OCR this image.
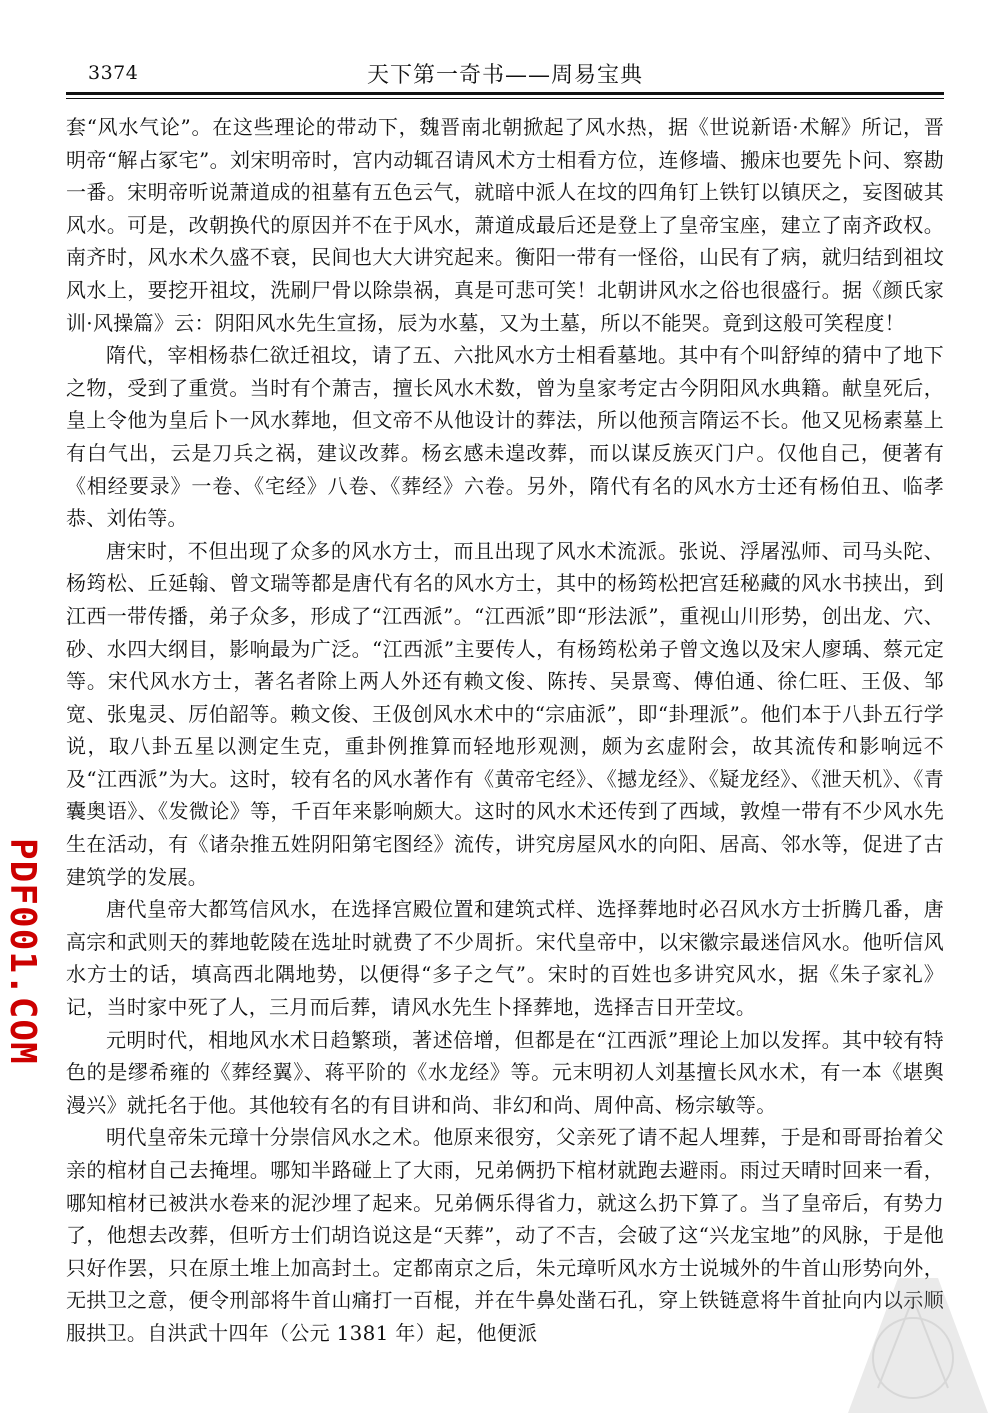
3374	天下第一奇书——周易宝典

套“风水气论”。在这些理论的带动下，魏晋南北朝掀起了风水热，据《世说新语·术解》所记，晋明帝“解占冢宅”。刘宋明帝时，宫内动辄召请风术方士相看方位，连修墙、搬床也要先卜问、察勘一番。宋明帝听说萧道成的祖墓有五色云气，就暗中派人在坟的四角钉上铁钉以镇厌之，妄图破其风水。可是，改朝换代的原因并不在于风水，萧道成最后还是登上了皇帝宝座，建立了南齐政权。南齐时，风水术久盛不衰，民间也大大讲究起来。衡阳一带有一怪俗，山民有了病，就归结到祖坟风水上，要挖开祖坟，洗刷尸骨以除祟祸，真是可悲可笑！北朝讲风水之俗也很盛行。据《颜氏家训·风操篇》云：阴阳风水先生宣扬，辰为水墓，又为土墓，所以不能哭。竟到这般可笑程度！

隋代，宰相杨恭仁欲迁祖坟，请了五、六批风水方士相看墓地。其中有个叫舒绰的猜中了地下之物，受到了重赏。当时有个萧吉，擅长风水术数，曾为皇家考定古今阴阳风水典籍。献皇死后，皇上令他为皇后卜一风水葬地，但文帝不从他设计的葬法，所以他预言隋运不长。他又见杨素墓上有白气出，云是刀兵之祸，建议改葬。杨玄感未遑改葬，而以谋反族灭门户。仅他自己，便著有《相经要录》一卷、《宅经》八卷、《葬经》六卷。另外，隋代有名的风水方士还有杨伯丑、临孝恭、刘佑等。

唐宋时，不但出现了众多的风水方士，而且出现了风水术流派。张说、浮屠泓师、司马头陀、杨筠松、丘延翰、曾文瑞等都是唐代有名的风水方士，其中的杨筠松把宫廷秘藏的风水书挟出，到江西一带传播，弟子众多，形成了“江西派”。“江西派”即“形法派”，重视山川形势，创出龙、穴、砂、水四大纲目，影响最为广泛。“江西派”主要传人，有杨筠松弟子曾文逸以及宋人廖瑀、蔡元定等。宋代风水方士，著名者除上两人外还有赖文俊、陈抟、吴景鸾、傅伯通、徐仁旺、王伋、邹宽、张鬼灵、厉伯韶等。赖文俊、王伋创风水术中的“宗庙派”，即“卦理派”。他们本于八卦五行学说，取八卦五星以测定生克，重卦例推算而轻地形观测，颇为玄虚附会，故其流传和影响远不及“江西派”为大。这时，较有名的风水著作有《黄帝宅经》、《撼龙经》、《疑龙经》、《泄天机》、《青囊奥语》、《发微论》等，千百年来影响颇大。这时的风水术还传到了西域，敦煌一带有不少风水先生在活动，有《诸杂推五姓阴阳第宅图经》流传，讲究房屋风水的向阳、居高、邻水等，促进了古建筑学的发展。

唐代皇帝大都笃信风水，在选择宫殿位置和建筑式样、选择葬地时必召风水方士折腾几番，唐高宗和武则天的葬地乾陵在选址时就费了不少周折。宋代皇帝中，以宋徽宗最迷信风水。他听信风水方士的话，填高西北隅地势，以便得“多子之气”。宋时的百姓也多讲究风水，据《朱子家礼》记，当时家中死了人，三月而后葬，请风水先生卜择葬地，选择吉日开茔坟。

元明时代，相地风水术日趋繁琐，著述倍增，但都是在“江西派”理论上加以发挥。其中较有特色的是缪希雍的《葬经翼》、蒋平阶的《水龙经》等。元末明初人刘基擅长风水术，有一本《堪舆漫兴》就托名于他。其他较有名的有目讲和尚、非幻和尚、周仲高、杨宗敏等。

明代皇帝朱元璋十分崇信风水之术。他原来很穷，父亲死了请不起人埋葬，于是和哥哥抬着父亲的棺材自己去掩埋。哪知半路碰上了大雨，兄弟俩扔下棺材就跑去避雨。雨过天晴时回来一看，哪知棺材已被洪水卷来的泥沙埋了起来。兄弟俩乐得省力，就这么扔下算了。当了皇帝后，有势力了，他想去改葬，但听方士们胡诌说这是“天葬”，动了不吉，会破了这“兴龙宝地”的风脉，于是他只好作罢，只在原土堆上加高封土。定都南京之后，朱元璋听风水方士说城外的牛首山形势向外，无拱卫之意，便令刑部将牛首山痛打一百棍，并在牛鼻处凿石孔，穿上铁链意将牛首扯向内以示顺服拱卫。自洪武十四年（公元 1381 年）起，他便派

PDF001.COM
